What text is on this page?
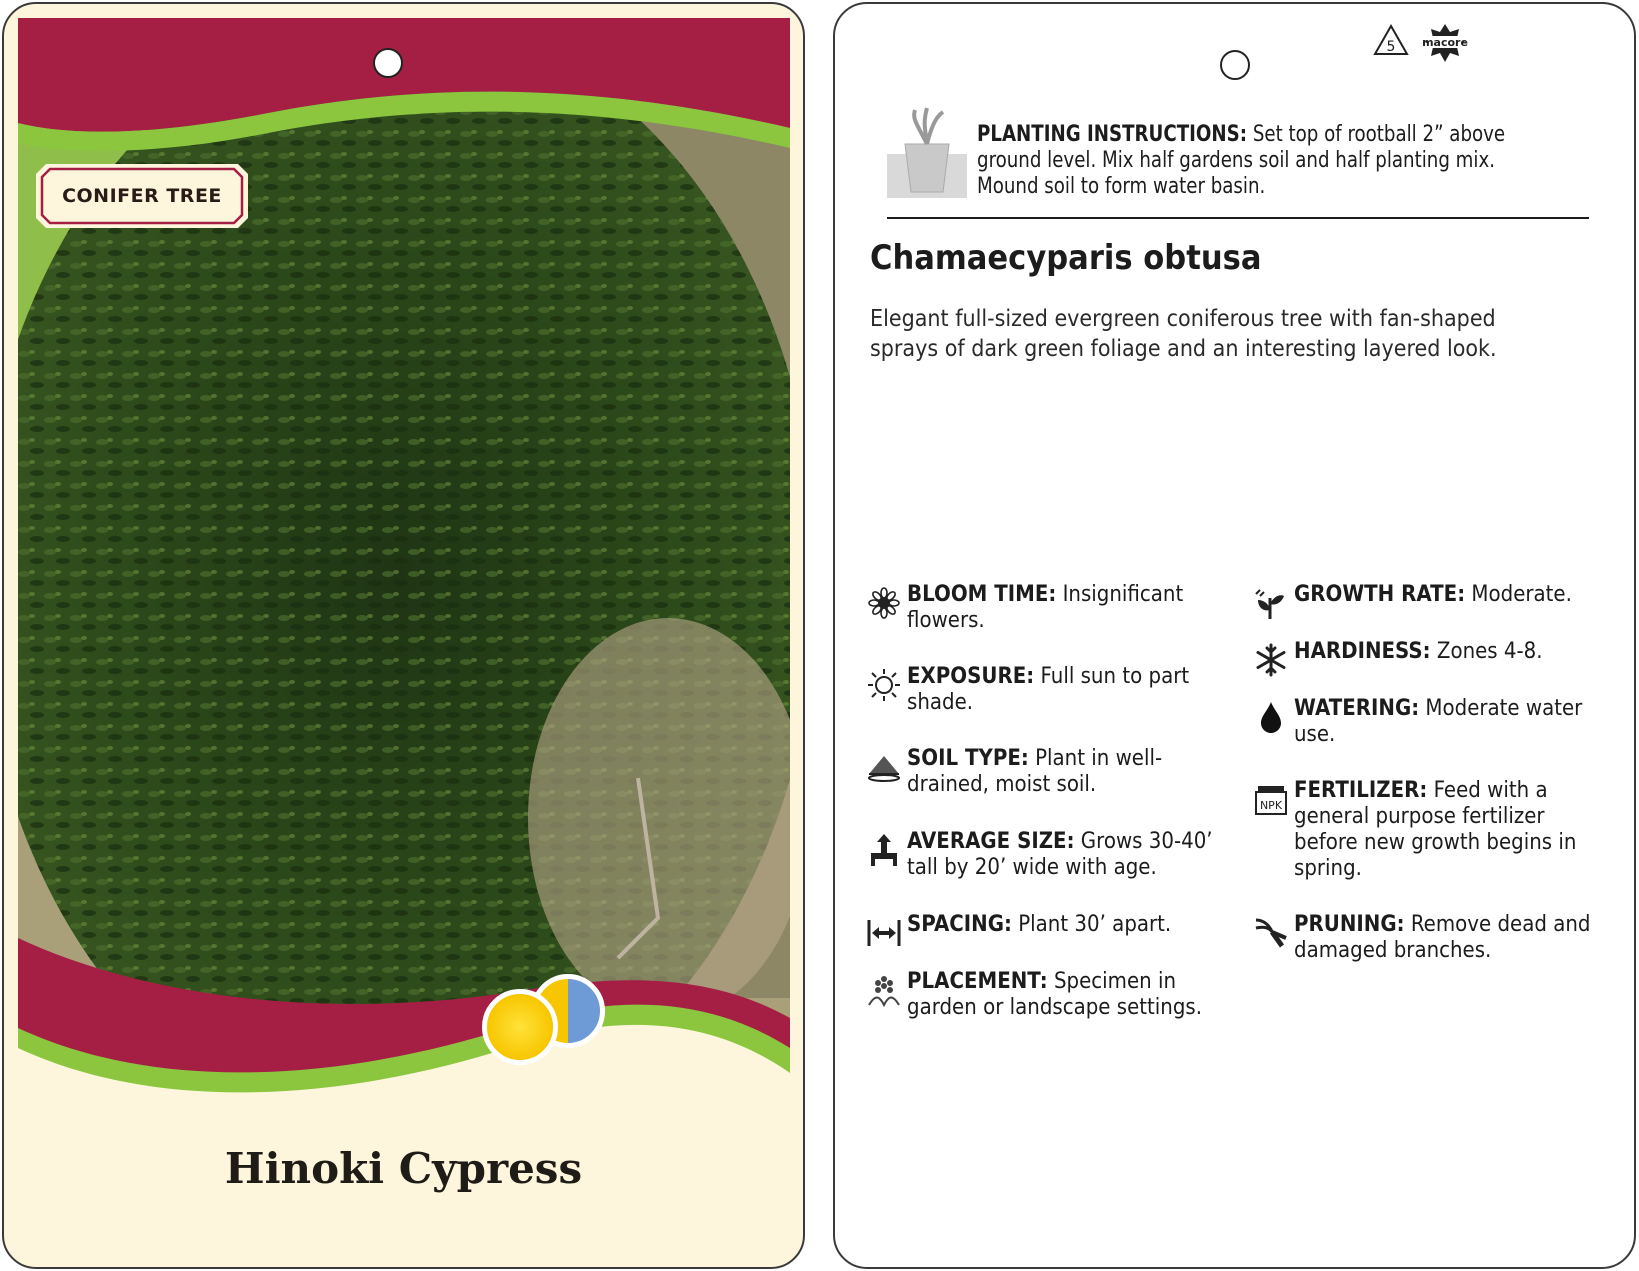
CONIFER TREE
Hinoki Cypress
5 macore
PLANTING INSTRUCTIONS: Set top of rootball 2” above ground level. Mix half gardens soil and half planting mix. Mound soil to form water basin.
Chamaecyparis obtusa
Elegant full-sized evergreen coniferous tree with fan-shaped sprays of dark green foliage and an interesting layered look.
BLOOM TIME: Insignificant flowers.
EXPOSURE: Full sun to part shade.
SOIL TYPE: Plant in well-drained, moist soil.
AVERAGE SIZE: Grows 30-40’ tall by 20’ wide with age.
SPACING: Plant 30’ apart.
PLACEMENT: Specimen in garden or landscape settings.
GROWTH RATE: Moderate.
HARDINESS: Zones 4-8.
WATERING: Moderate water use.
NPK
FERTILIZER: Feed with a general purpose fertilizer before new growth begins in spring.
PRUNING: Remove dead and damaged branches.
